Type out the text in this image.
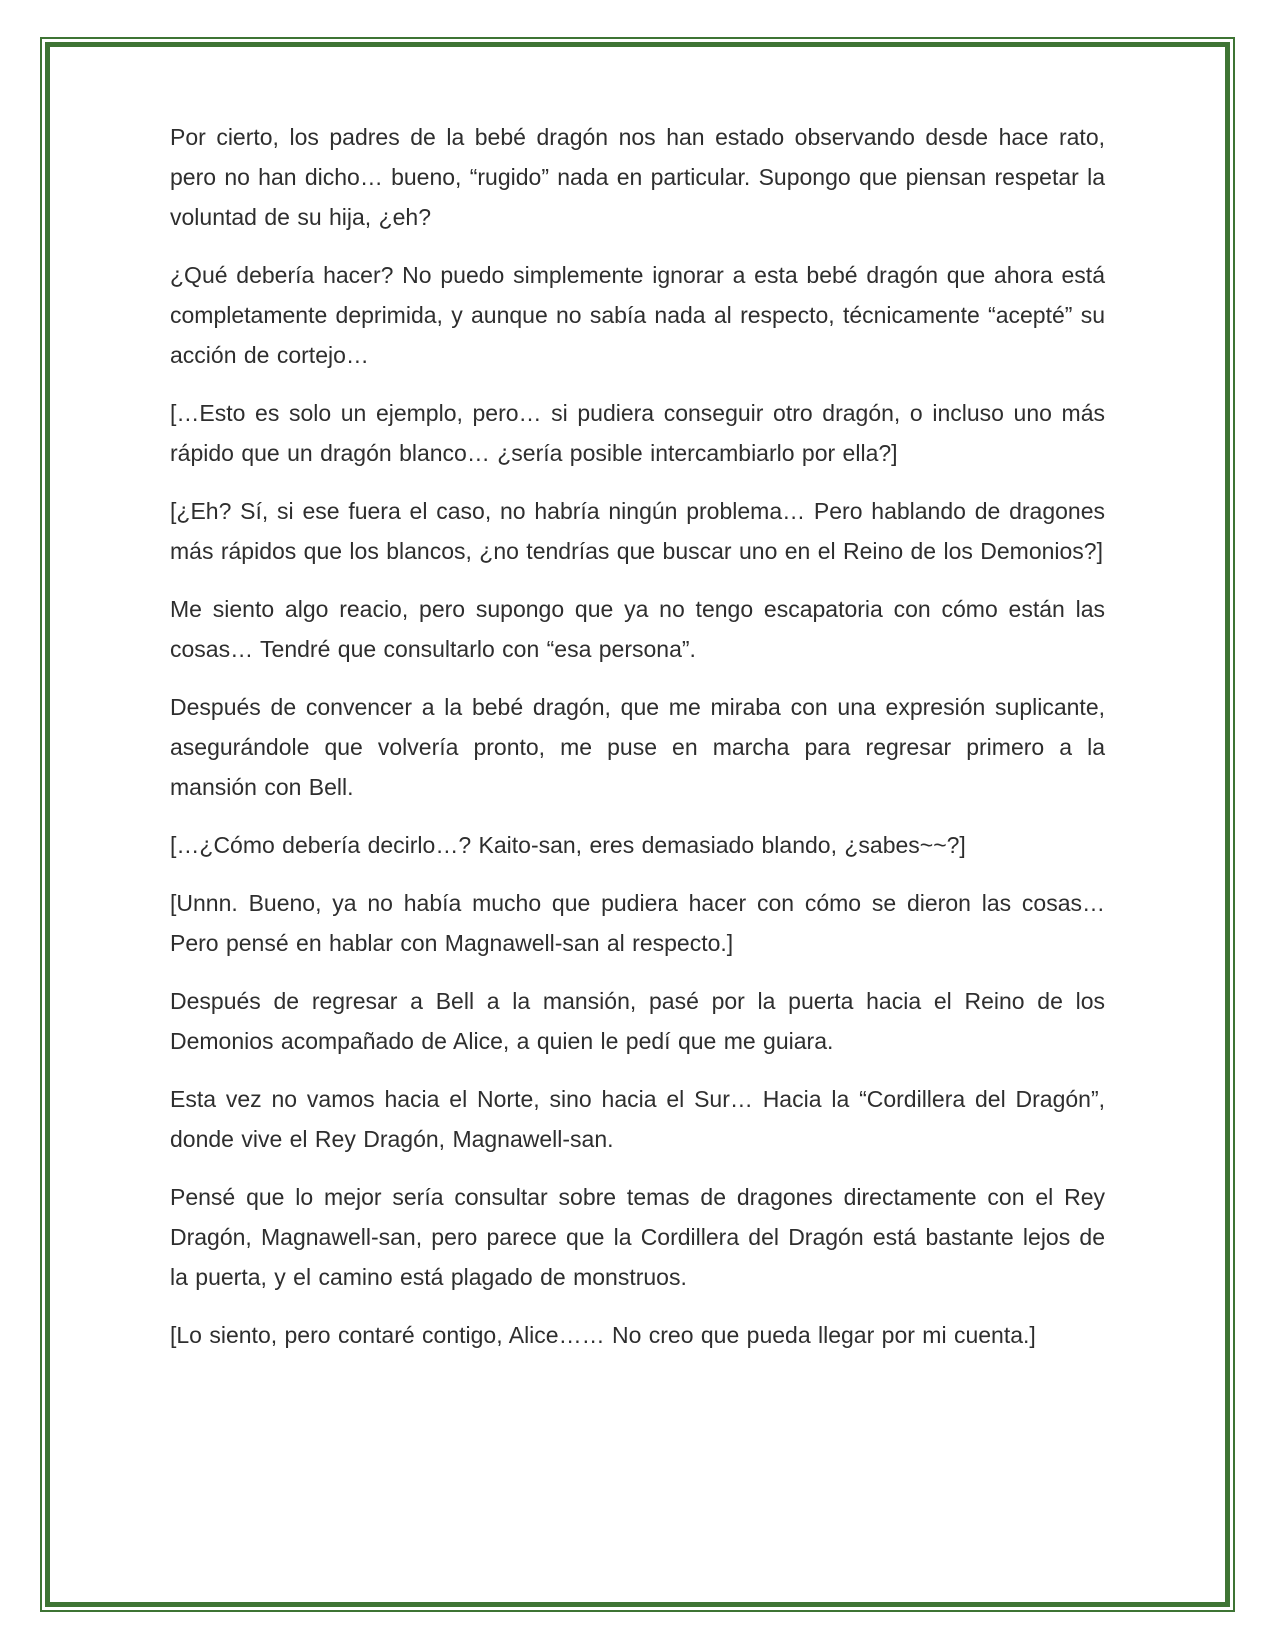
Por cierto, los padres de la bebé dragón nos han estado observando desde hace rato, pero no han dicho… bueno, “rugido” nada en particular. Supongo que piensan respetar la voluntad de su hija, ¿eh?

¿Qué debería hacer? No puedo simplemente ignorar a esta bebé dragón que ahora está completamente deprimida, y aunque no sabía nada al respecto, técnicamente “acepté” su acción de cortejo…

[…Esto es solo un ejemplo, pero… si pudiera conseguir otro dragón, o incluso uno más rápido que un dragón blanco… ¿sería posible intercambiarlo por ella?]

[¿Eh? Sí, si ese fuera el caso, no habría ningún problema… Pero hablando de dragones más rápidos que los blancos, ¿no tendrías que buscar uno en el Reino de los Demonios?]

Me siento algo reacio, pero supongo que ya no tengo escapatoria con cómo están las cosas… Tendré que consultarlo con “esa persona”.

Después de convencer a la bebé dragón, que me miraba con una expresión suplicante, asegurándole que volvería pronto, me puse en marcha para regresar primero a la mansión con Bell.

[…¿Cómo debería decirlo…? Kaito-san, eres demasiado blando, ¿sabes~~?]

[Unnn. Bueno, ya no había mucho que pudiera hacer con cómo se dieron las cosas… Pero pensé en hablar con Magnawell-san al respecto.]

Después de regresar a Bell a la mansión, pasé por la puerta hacia el Reino de los Demonios acompañado de Alice, a quien le pedí que me guiara.

Esta vez no vamos hacia el Norte, sino hacia el Sur… Hacia la “Cordillera del Dragón”, donde vive el Rey Dragón, Magnawell-san.

Pensé que lo mejor sería consultar sobre temas de dragones directamente con el Rey Dragón, Magnawell-san, pero parece que la Cordillera del Dragón está bastante lejos de la puerta, y el camino está plagado de monstruos.

[Lo siento, pero contaré contigo, Alice…… No creo que pueda llegar por mi cuenta.]
